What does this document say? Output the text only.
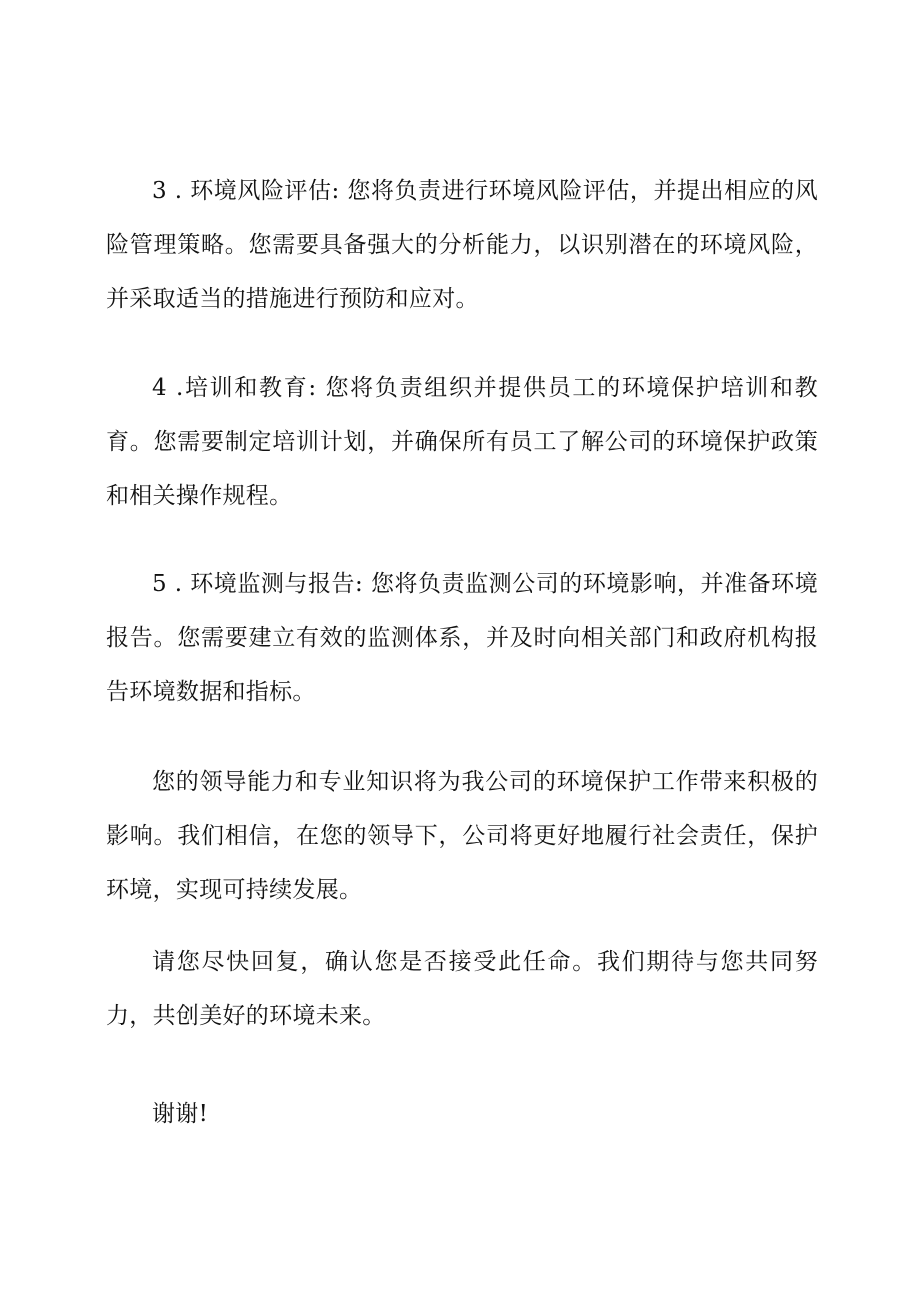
3 . 环境风险评估: 您将负责进行环境风险评估，并提出相应的风险管理策略。您需要具备强大的分析能力，以识别潜在的环境风险，并采取适当的措施进行预防和应对。

4 .培训和教育: 您将负责组织并提供员工的环境保护培训和教育。您需要制定培训计划，并确保所有员工了解公司的环境保护政策和相关操作规程。

5 . 环境监测与报告: 您将负责监测公司的环境影响，并准备环境报告。您需要建立有效的监测体系，并及时向相关部门和政府机构报告环境数据和指标。

您的领导能力和专业知识将为我公司的环境保护工作带来积极的影响。我们相信，在您的领导下，公司将更好地履行社会责任，保护环境，实现可持续发展。

请您尽快回复，确认您是否接受此任命。我们期待与您共同努力，共创美好的环境未来。

谢谢!
